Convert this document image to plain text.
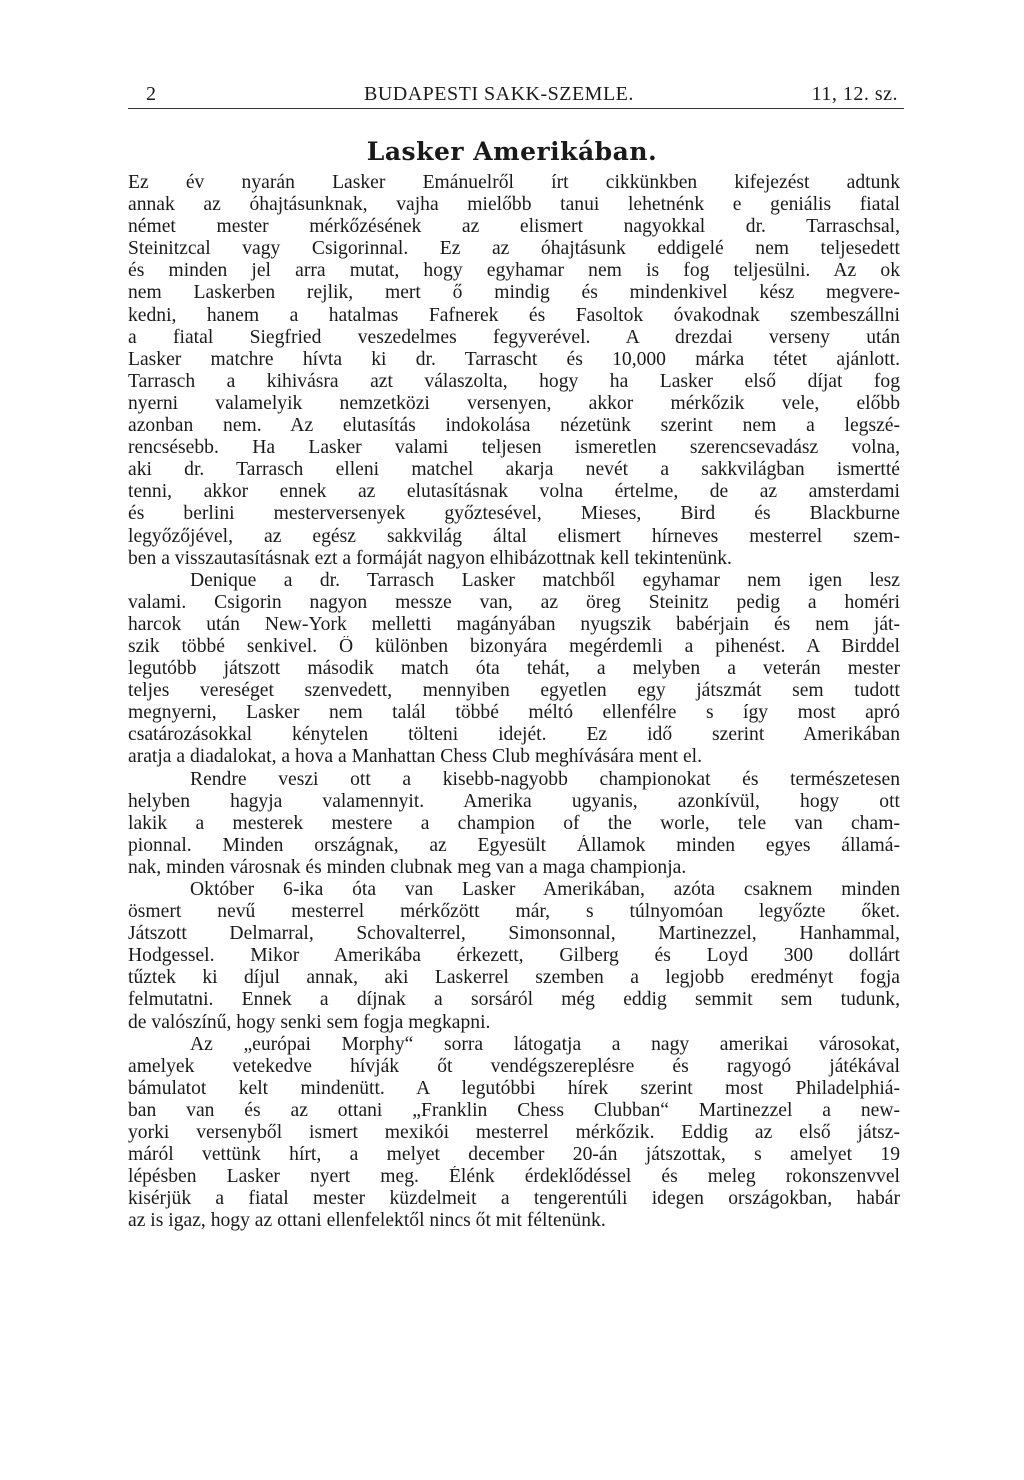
2	BUDAPESTI SAKK-SZEMLE.	11, 12. sz.
Lasker Amerikában.
Ez év nyarán Lasker Emánuelről írt cikkünkben kifejezést adtunk
annak az óhajtásunknak, vajha mielőbb tanui lehetnénk e geniális fiatal
német mester mérkőzésének az elismert nagyokkal dr. Tarraschsal,
Steinitzcal vagy Csigorinnal. Ez az óhajtásunk eddigelé nem teljesedett
és minden jel arra mutat, hogy egyhamar nem is fog teljesülni. Az ok
nem Laskerben rejlik, mert ő mindig és mindenkivel kész megvere-
kedni, hanem a hatalmas Fafnerek és Fasoltok óvakodnak szembeszállni
a fiatal Siegfried veszedelmes fegyverével. A drezdai verseny után
Lasker matchre hívta ki dr. Tarrascht és 10,000 márka tétet ajánlott.
Tarrasch a kihivásra azt válaszolta, hogy ha Lasker első díjat fog
nyerni valamelyik nemzetközi versenyen, akkor mérkőzik vele, előbb
azonban nem. Az elutasítás indokolása nézetünk szerint nem a legszé-
rencsésebb. Ha Lasker valami teljesen ismeretlen szerencsevadász volna,
aki dr. Tarrasch elleni matchel akarja nevét a sakkvilágban ismertté
tenni, akkor ennek az elutasításnak volna értelme, de az amsterdami
és berlini mesterversenyek győztesével, Mieses, Bird és Blackburne
legyőzőjével, az egész sakkvilág által elismert hírneves mesterrel szem-
ben a visszautasításnak ezt a formáját nagyon elhibázottnak kell tekintenünk.
Denique a dr. Tarrasch Lasker matchből egyhamar nem igen lesz
valami. Csigorin nagyon messze van, az öreg Steinitz pedig a homéri
harcok után New-York melletti magányában nyugszik babérjain és nem ját-
szik többé senkivel. Ő különben bizonyára megérdemli a pihenést. A Birddel
legutóbb játszott második match óta tehát, a melyben a veterán mester
teljes vereséget szenvedett, mennyiben egyetlen egy játszmát sem tudott
megnyerni, Lasker nem talál többé méltó ellenfélre s így most apró
csatározásokkal kénytelen tölteni idejét. Ez idő szerint Amerikában
aratja a diadalokat, a hova a Manhattan Chess Club meghívására ment el.
Rendre veszi ott a kisebb-nagyobb championokat és természetesen
helyben hagyja valamennyit. Amerika ugyanis, azonkívül, hogy ott
lakik a mesterek mestere a champion of the worle, tele van cham-
pionnal. Minden országnak, az Egyesült Államok minden egyes államá-
nak, minden városnak és minden clubnak meg van a maga championja.
Október 6-ika óta van Lasker Amerikában, azóta csaknem minden
ösmert nevű mesterrel mérkőzött már, s túlnyomóan legyőzte őket.
Játszott Delmarral, Schovalterrel, Simonsonnal, Martinezzel, Hanhammal,
Hodgessel. Mikor Amerikába érkezett, Gilberg és Loyd 300 dollárt
tűztek ki díjul annak, aki Laskerrel szemben a legjobb eredményt fogja
felmutatni. Ennek a díjnak a sorsáról még eddig semmit sem tudunk,
de valószínű, hogy senki sem fogja megkapni.
Az „európai Morphy“ sorra látogatja a nagy amerikai városokat,
amelyek vetekedve hívják őt vendégszereplésre és ragyogó játékával
bámulatot kelt mindenütt. A legutóbbi hírek szerint most Philadelphiá-
ban van és az ottani „Franklin Chess Clubban“ Martinezzel a new-
yorki versenyből ismert mexikói mesterrel mérkőzik. Eddig az első játsz-
máról vettünk hírt, a melyet december 20-án játszottak, s amelyet 19
lépésben Lasker nyert meg. Élénk érdeklődéssel és meleg rokonszenvvel
kisérjük a fiatal mester küzdelmeit a tengerentúli idegen országokban, habár
az is igaz, hogy az ottani ellenfelektől nincs őt mit féltenünk.
